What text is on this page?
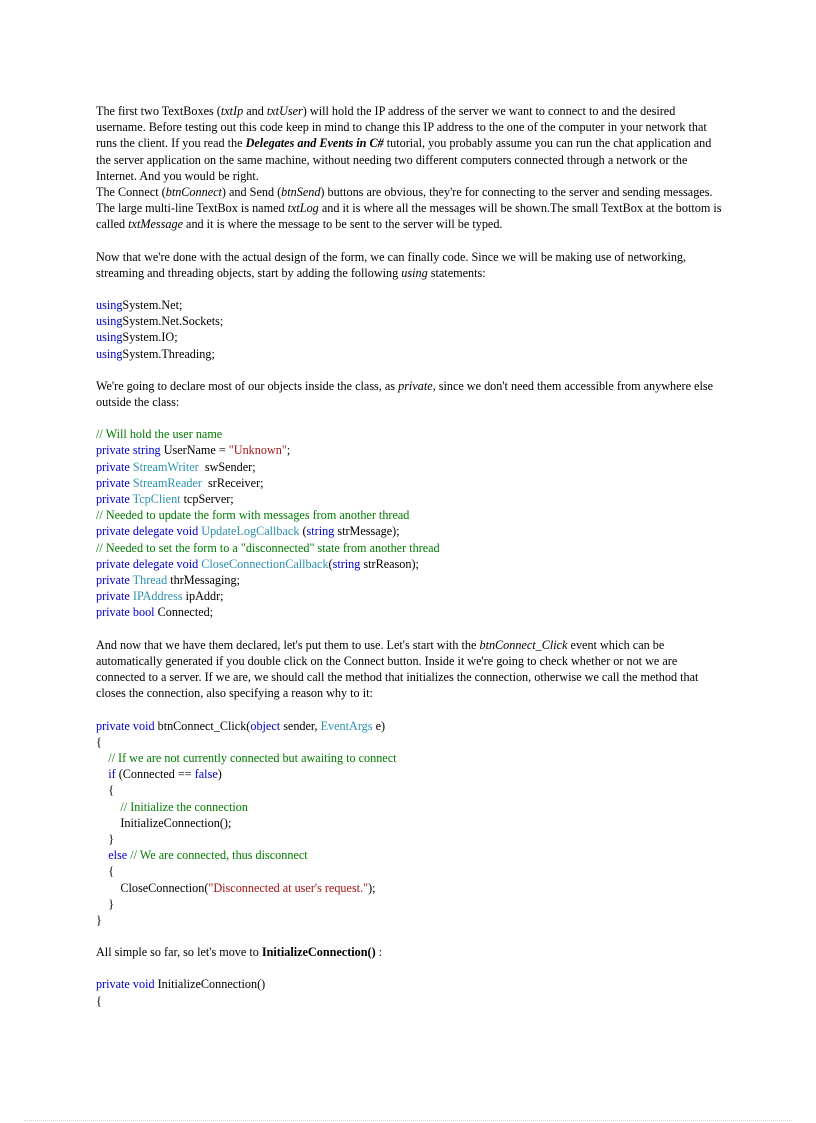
The first two TextBoxes (txtIp and txtUser) will hold the IP address of the server we want to connect to and the desired username. Before testing out this code keep in mind to change this IP address to the one of the computer in your network that runs the client. If you read the Delegates and Events in C# tutorial, you probably assume you can run the chat application and the server application on the same machine, without needing two different computers connected through a network or the Internet. And you would be right.

The Connect (btnConnect) and Send (btnSend) buttons are obvious, they're for connecting to the server and sending messages. The large multi-line TextBox is named txtLog and it is where all the messages will be shown.The small TextBox at the bottom is called txtMessage and it is where the message to be sent to the server will be typed.

Now that we're done with the actual design of the form, we can finally code. Since we will be making use of networking, streaming and threading objects, start by adding the following using statements:

usingSystem.Net;
usingSystem.Net.Sockets;
usingSystem.IO;
usingSystem.Threading;

We're going to declare most of our objects inside the class, as private, since we don't need them accessible from anywhere else outside the class:

// Will hold the user name
private string UserName = "Unknown";
private StreamWriter swSender;
private StreamReader srReceiver;
private TcpClient tcpServer;
// Needed to update the form with messages from another thread
private delegate void UpdateLogCallback (string strMessage);
// Needed to set the form to a "disconnected" state from another thread
private delegate void CloseConnectionCallback(string strReason);
private Thread thrMessaging;
private IPAddress ipAddr;
private bool Connected;

And now that we have them declared, let's put them to use. Let's start with the btnConnect_Click event which can be automatically generated if you double click on the Connect button. Inside it we're going to check whether or not we are connected to a server. If we are, we should call the method that initializes the connection, otherwise we call the method that closes the connection, also specifying a reason why to it:

private void btnConnect_Click(object sender, EventArgs e)
{
// If we are not currently connected but awaiting to connect
if (Connected == false)
{
// Initialize the connection
InitializeConnection();
}
else // We are connected, thus disconnect
{
CloseConnection("Disconnected at user's request.");
}
}

All simple so far, so let's move to InitializeConnection() :

private void InitializeConnection()
{
